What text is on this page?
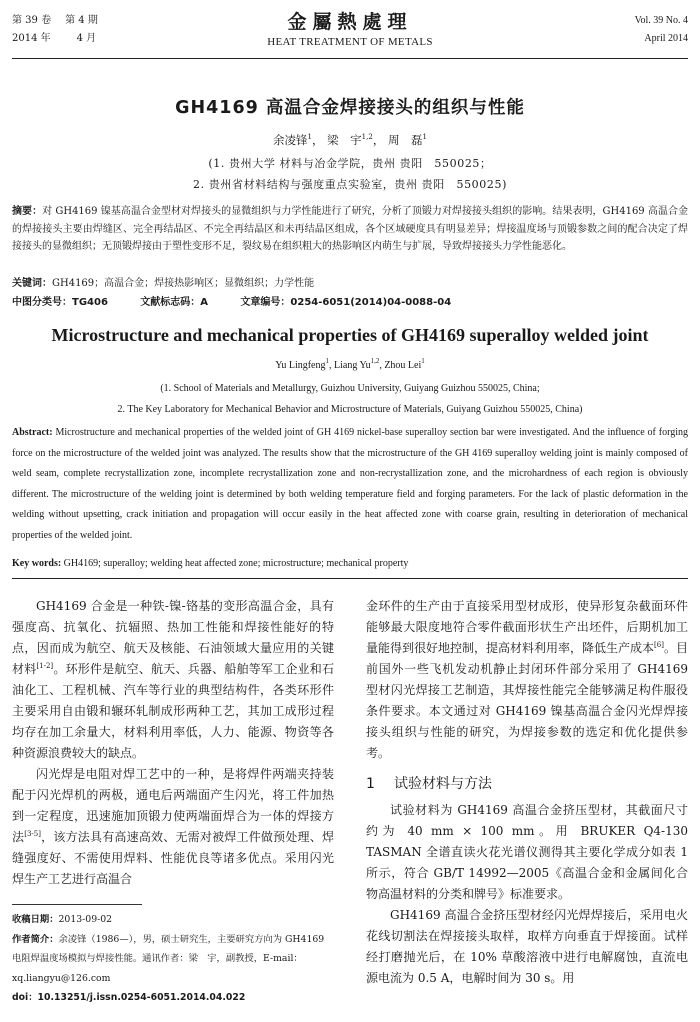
第 39 卷 第 4 期
2014 年	4 月
金屬熱處理
HEAT TREATMENT OF METALS
Vol. 39 No. 4
April 2014
GH4169 高温合金焊接接头的组织与性能
余凌锋$^1$， 梁　宇$^{1,2}$， 周　磊$^1$
(1. 贵州大学 材料与冶金学院，贵州 贵阳　550025；
2. 贵州省材料结构与强度重点实验室，贵州 贵阳　550025)
摘要：对 GH4169 镍基高温合金型材对焊接头的显微组织与力学性能进行了研究，分析了顶锻力对焊接接头组织的影响。结果表明，GH4169 高温合金的焊接接头主要由焊缝区、完全再结晶区、不完全再结晶区和未再结晶区组成，各个区域硬度具有明显差异；焊接温度场与顶锻参数之间的配合决定了焊接接头的显微组织；无顶锻焊接由于塑性变形不足，裂纹易在组织粗大的热影响区内萌生与扩展，导致焊接接头力学性能恶化。
关键词：GH4169；高温合金；焊接热影响区；显微组织；力学性能
中图分类号：TG406	文献标志码：A	文章编号：0254-6051(2014)04-0088-04
Microstructure and mechanical properties of GH4169 superalloy welded joint
Yu Lingfeng$^1$, Liang Yu$^{1,2}$, Zhou Lei$^1$
(1. School of Materials and Metallurgy, Guizhou University, Guiyang Guizhou 550025, China;
2. The Key Laboratory for Mechanical Behavior and Microstructure of Materials, Guiyang Guizhou 550025, China)
Abstract: Microstructure and mechanical properties of the welded joint of GH 4169 nickel-base superalloy section bar were investigated. And the influence of forging force on the microstructure of the welded joint was analyzed. The results show that the microstructure of the GH 4169 superalloy welding joint is mainly composed of weld seam, complete recrystallization zone, incomplete recrystallization zone and non-recrystallization zone, and the microhardness of each region is obviously different. The microstructure of the welding joint is determined by both welding temperature field and forging parameters. For the lack of plastic deformation in the welding without upsetting, crack initiation and propagation will occur easily in the heat affected zone with coarse grain, resulting in deterioration of mechanical properties of the welded joint.
Key words: GH4169; superalloy; welding heat affected zone; microstructure; mechanical property

GH4169 合金是一种铁-镍-铬基的变形高温合金，具有强度高、抗氧化、抗辐照、热加工性能和焊接性能好的特点，因而成为航空、航天及核能、石油领域大量应用的关键材料[1-2]。环形件是航空、航天、兵器、船舶等军工企业和石油化工、工程机械、汽车等行业的典型结构件，各类环形件主要采用自由锻和辗环轧制成形两种工艺，其加工成形过程均存在加工余量大，材料利用率低，人力、能源、物资等各种资源浪费较大的缺点。

闪光焊是电阻对焊工艺中的一种，是将焊件两端夹持装配于闪光焊机的两极，通电后两端面产生闪光，将工件加热到一定程度，迅速施加顶锻力使两端面焊合为一体的焊接方法[3-5]，该方法具有高速高效、无需对被焊工件做预处理、焊缝强度好、不需使用焊料、性能优良等诸多优点。采用闪光焊生产工艺进行高温合

收稿日期：2013-09-02
作者简介：余凌锋（1986—），男，硕士研究生，主要研究方向为 GH4169 电阻焊温度场模拟与焊接性能。通讯作者：梁　宇，副教授，E-mail：xq.liangyu@126.com
doi：10.13251/j.issn.0254-6051.2014.04.022

金环件的生产由于直接采用型材成形，使异形复杂截面环件能够最大限度地符合零件截面形状生产出坯件，后期机加工量能得到很好地控制，提高材料利用率，降低生产成本[6]。目前国外一些飞机发动机静止封闭环件部分采用了 GH4169 型材闪光焊接工艺制造，其焊接性能完全能够满足构件服役条件要求。本文通过对 GH4169 镍基高温合金闪光焊焊接接头组织与性能的研究，为焊接参数的选定和优化提供参考。

1 试验材料与方法

试验材料为 GH4169 高温合金挤压型材，其截面尺寸约为 40 mm × 100 mm。用 BRUKER Q4-130 TASMAN 全谱直读火花光谱仪测得其主要化学成分如表 1 所示，符合 GB/T 14992—2005《高温合金和金属间化合物高温材料的分类和牌号》标准要求。

GH4169 高温合金挤压型材经闪光焊焊接后，采用电火花线切割法在焊接接头取样，取样方向垂直于焊接面。试样经打磨抛光后，在 10% 草酸溶液中进行电解腐蚀，直流电源电流为 0.5 A，电解时间为 30 s。用
